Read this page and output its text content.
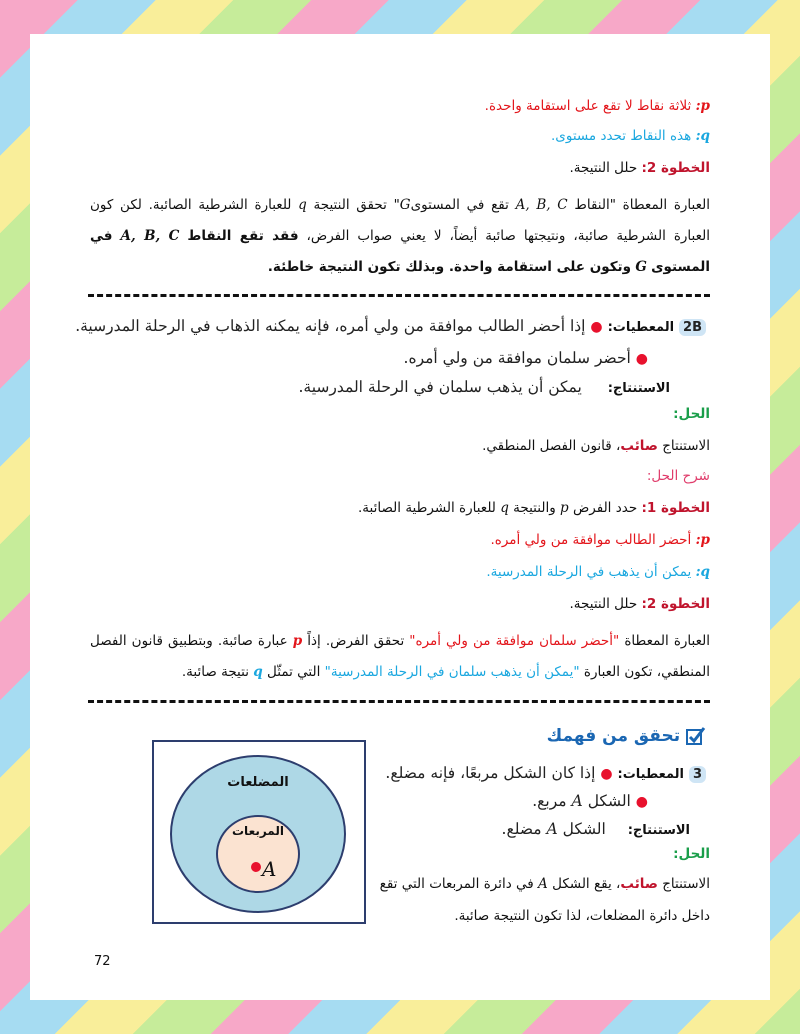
p: ثلاثة نقاط لا تقع على استقامة واحدة.
q: هذه النقاط تحدد مستوى.
الخطوة 2: حلل النتيجة.
العبارة المعطاة "النقاط A, B, C تقع في المستوىG" تحقق النتيجة q للعبارة الشرطية الصائبة. لكن كون العبارة الشرطية صائبة، ونتيجتها صائبة أيضاً، لا يعني صواب الفرض، فقد تقع النقاط A, B, C في المستوى G وتكون على استقامة واحدة. وبذلك تكون النتيجة خاطئة.
2B المعطيات: ● إذا أحضر الطالب موافقة من ولي أمره، فإنه يمكنه الذهاب في الرحلة المدرسية.
● أحضر سلمان موافقة من ولي أمره.
الاستنتاج:  يمكن أن يذهب سلمان في الرحلة المدرسية.
الحل:
الاستنتاج صائب، قانون الفصل المنطقي.
شرح الحل:
الخطوة 1: حدد الفرض p والنتيجة q للعبارة الشرطية الصائبة.
p: أحضر الطالب موافقة من ولي أمره.
q: يمكن أن يذهب في الرحلة المدرسية.
الخطوة 2: حلل النتيجة.
العبارة المعطاة "أحضر سلمان موافقة من ولي أمره" تحقق الفرض. إذاً p عبارة صائبة. وبتطبيق قانون الفصل المنطقي، تكون العبارة "يمكن أن يذهب سلمان في الرحلة المدرسية" التي تمثّل q نتيجة صائبة.
تحقق من فهمك
3 المعطيات: ● إذا كان الشكل مربعًا، فإنه مضلع.
● الشكل A مربع.
الاستنتاج:  الشكل A مضلع.
الحل:
الاستنتاج صائب، يقع الشكل A في دائرة المربعات التي تقع
داخل دائرة المضلعات، لذا تكون النتيجة صائبة.
المضلعات
المربعات
A
72
